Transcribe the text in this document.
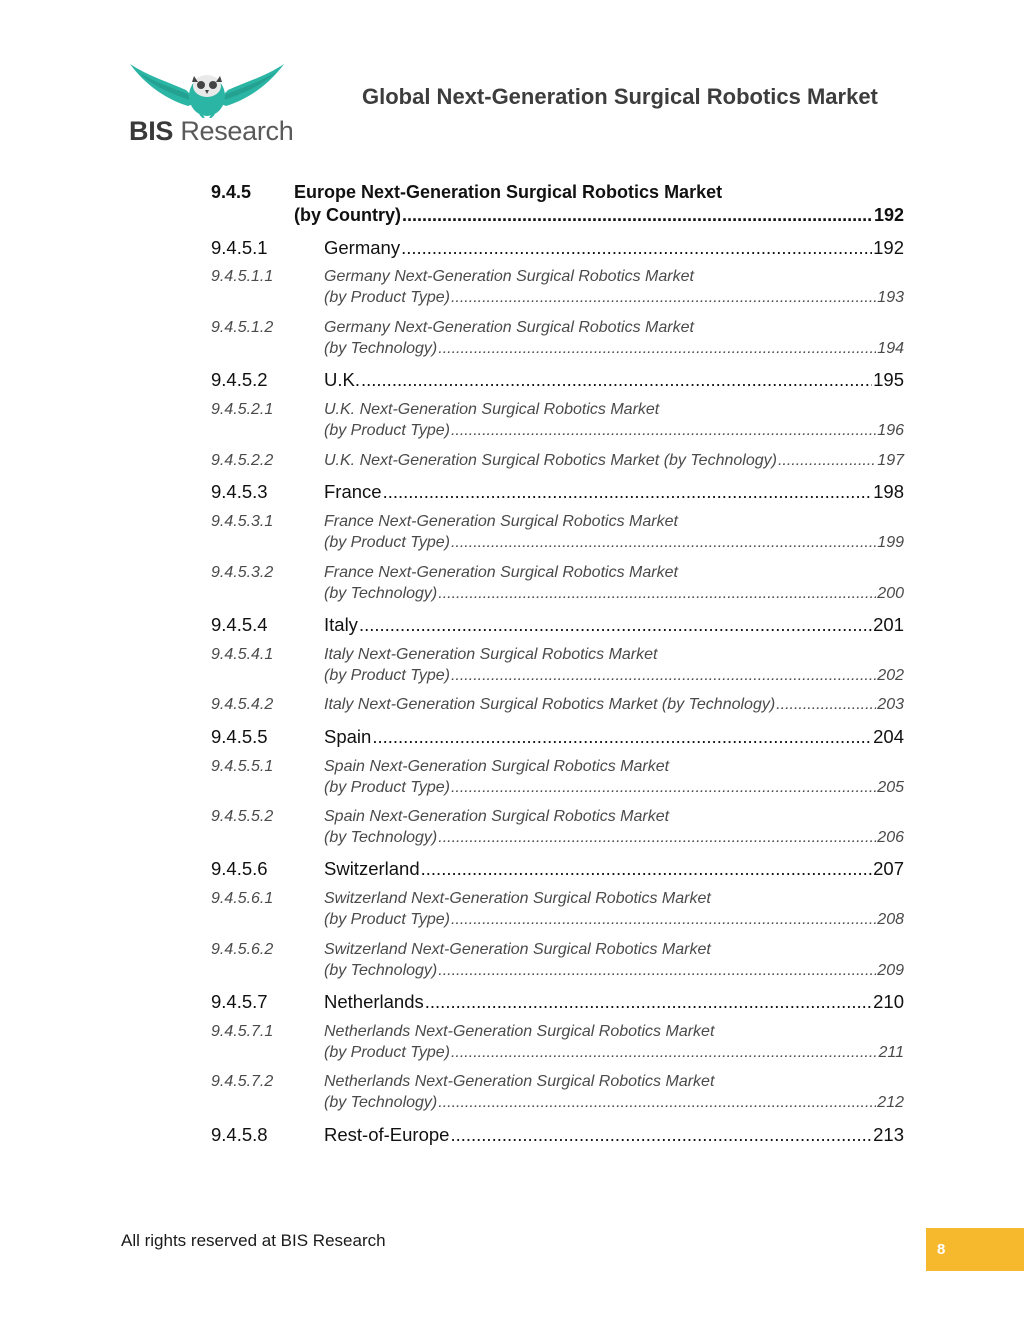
BIS Research
Global Next-Generation Surgical Robotics Market
9.4.5 Europe Next-Generation Surgical Robotics Market
(by Country) .....	192
9.4.5.1	Germany .....	192
9.4.5.1.1	Germany Next-Generation Surgical Robotics Market
(by Product Type) .....	193
9.4.5.1.2	Germany Next-Generation Surgical Robotics Market
(by Technology) .....	194
9.4.5.2	U.K. .....	195
9.4.5.2.1	U.K. Next-Generation Surgical Robotics Market
(by Product Type) .....	196
9.4.5.2.2	U.K. Next-Generation Surgical Robotics Market (by Technology) .....	197
9.4.5.3	France .....	198
9.4.5.3.1	France Next-Generation Surgical Robotics Market
(by Product Type) .....	199
9.4.5.3.2	France Next-Generation Surgical Robotics Market
(by Technology) .....	200
9.4.5.4	Italy .....	201
9.4.5.4.1	Italy Next-Generation Surgical Robotics Market
(by Product Type) .....	202
9.4.5.4.2	Italy Next-Generation Surgical Robotics Market (by Technology) .....	203
9.4.5.5	Spain .....	204
9.4.5.5.1	Spain Next-Generation Surgical Robotics Market
(by Product Type) .....	205
9.4.5.5.2	Spain Next-Generation Surgical Robotics Market
(by Technology) .....	206
9.4.5.6	Switzerland .....	207
9.4.5.6.1	Switzerland Next-Generation Surgical Robotics Market
(by Product Type) .....	208
9.4.5.6.2	Switzerland Next-Generation Surgical Robotics Market
(by Technology) .....	209
9.4.5.7	Netherlands .....	210
9.4.5.7.1	Netherlands Next-Generation Surgical Robotics Market
(by Product Type) .....	211
9.4.5.7.2	Netherlands Next-Generation Surgical Robotics Market
(by Technology) .....	212
9.4.5.8	Rest-of-Europe .....	213
All rights reserved at BIS Research	8
